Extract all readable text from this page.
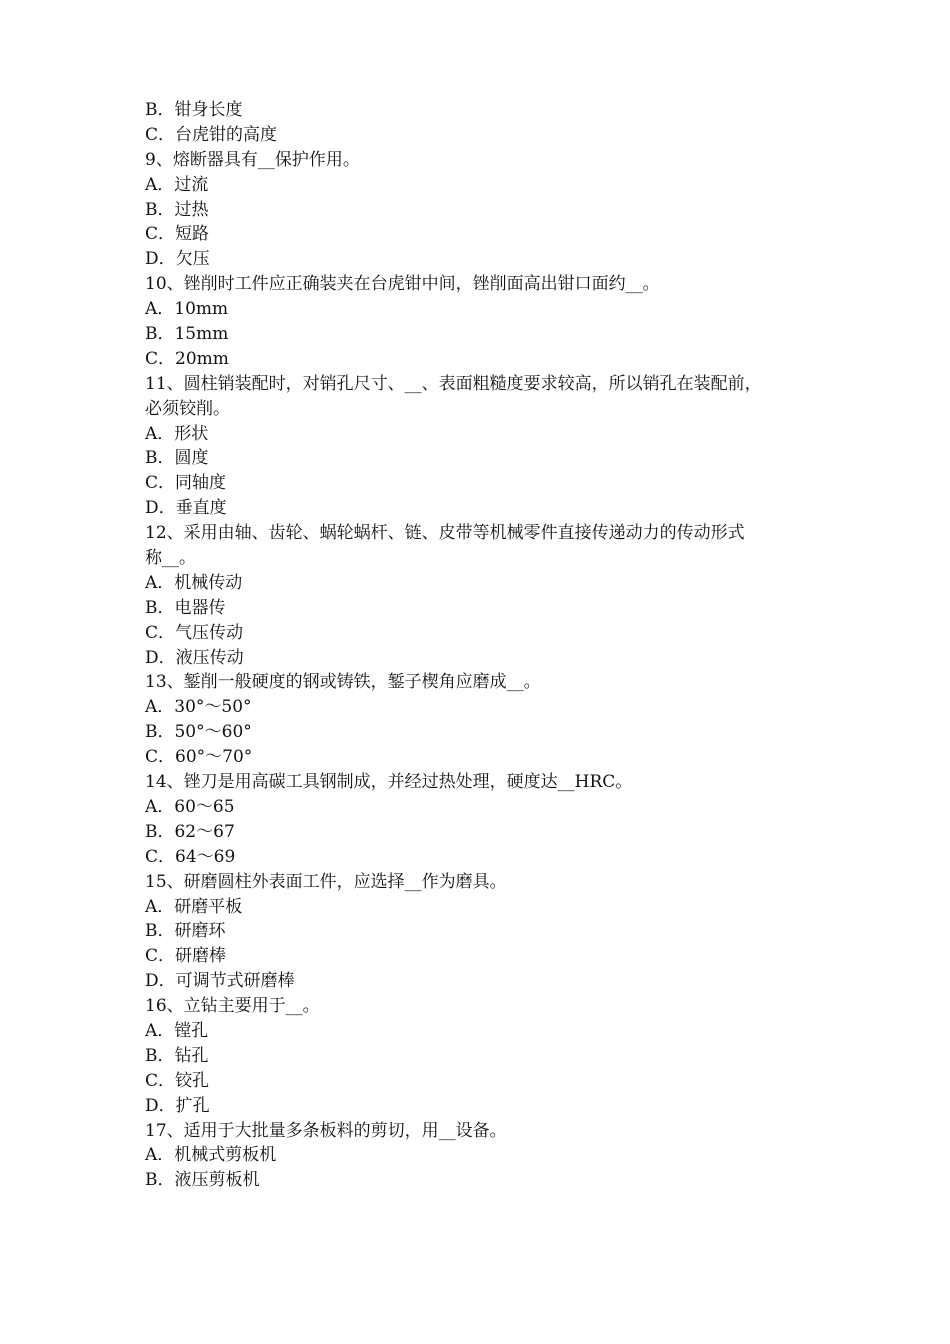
B．钳身长度
C．台虎钳的高度
9、熔断器具有__保护作用。
A．过流
B．过热
C．短路
D．欠压
10、锉削时工件应正确装夹在台虎钳中间，锉削面高出钳口面约__。
A．10mm
B．15mm
C．20mm
11、圆柱销装配时，对销孔尺寸、__、表面粗糙度要求较高，所以销孔在装配前，
必须铰削。
A．形状
B．圆度
C．同轴度
D．垂直度
12、采用由轴、齿轮、蜗轮蜗杆、链、皮带等机械零件直接传递动力的传动形式
称__。
A．机械传动
B．电器传
C．气压传动
D．液压传动
13、錾削一般硬度的钢或铸铁，錾子楔角应磨成__。
A．30°～50°
B．50°～60°
C．60°～70°
14、锉刀是用高碳工具钢制成，并经过热处理，硬度达__HRC。
A．60～65
B．62～67
C．64～69
15、研磨圆柱外表面工件，应选择__作为磨具。
A．研磨平板
B．研磨环
C．研磨棒
D．可调节式研磨棒
16、立钻主要用于__。
A．镗孔
B．钻孔
C．铰孔
D．扩孔
17、适用于大批量多条板料的剪切，用__设备。
A．机械式剪板机
B．液压剪板机
